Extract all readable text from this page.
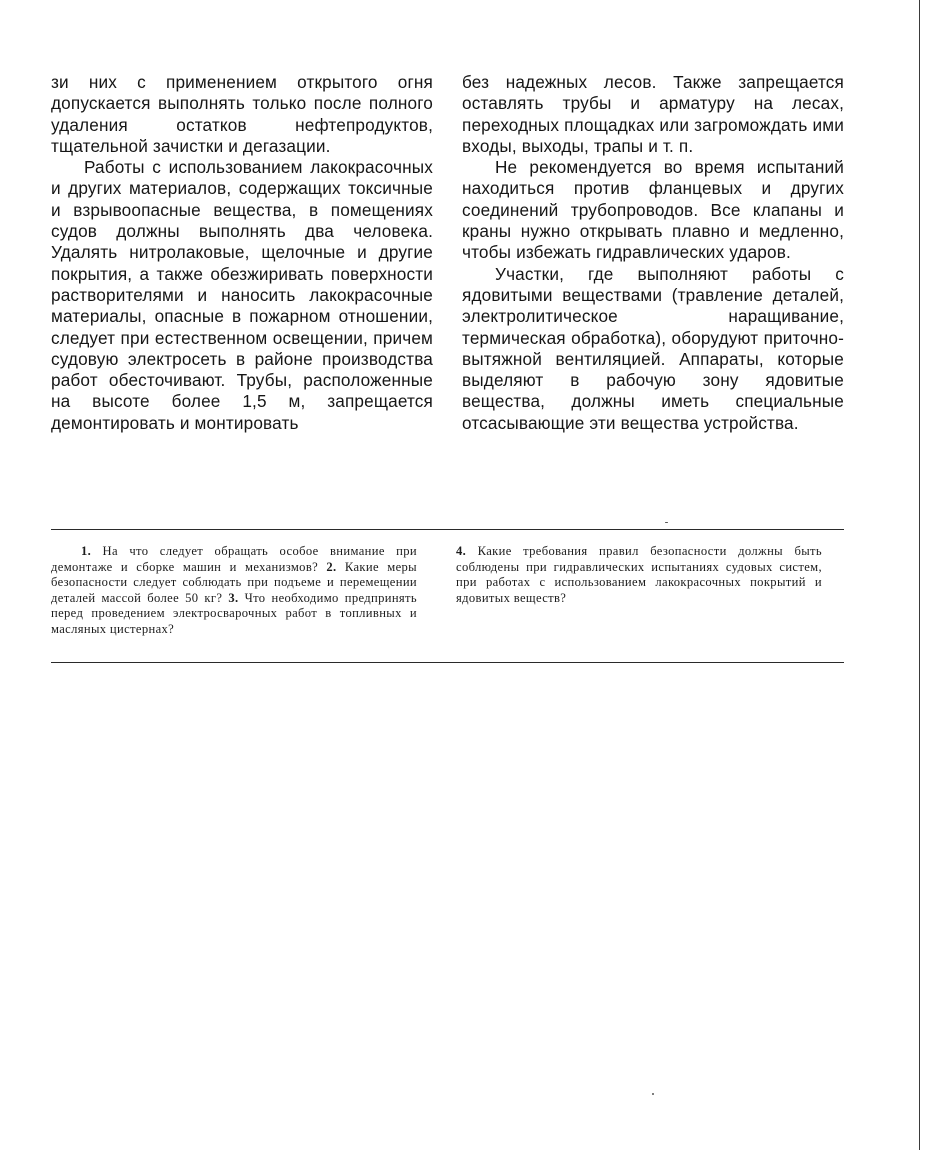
зи них с применением открытого огня допускается выполнять только после полного удаления остатков нефтепродуктов, тщательной зачистки и дегазации.

Работы с использованием лакокрасочных и других материалов, содержащих токсичные и взрывоопасные вещества, в помещениях судов должны выполнять два человека. Удалять нитролаковые, щелочные и другие покрытия, а также обезжиривать поверхности растворителями и наносить лакокрасочные материалы, опасные в пожарном отношении, следует при естественном освещении, причем судовую электросеть в районе производства работ обесточивают. Трубы, расположенные на высоте более 1,5 м, запрещается демонтировать и монтировать

без надежных лесов. Также запрещается оставлять трубы и арматуру на лесах, переходных площадках или загромождать ими входы, выходы, трапы и т. п.

Не рекомендуется во время испытаний находиться против фланцевых и других соединений трубопроводов. Все клапаны и краны нужно открывать плавно и медленно, чтобы избежать гидравлических ударов.

Участки, где выполняют работы с ядовитыми веществами (травление деталей, электролитическое наращивание, термическая обработка), оборудуют приточно-вытяжной вентиляцией. Аппараты, которые выделяют в рабочую зону ядовитые вещества, должны иметь специальные отсасывающие эти вещества устройства.

1. На что следует обращать особое внимание при демонтаже и сборке машин и механизмов? 2. Какие меры безопасности следует соблюдать при подъеме и перемещении деталей массой более 50 кг? 3. Что необходимо предпринять перед проведением электросварочных работ в топливных и масляных цистернах?

4. Какие требования правил безопасности должны быть соблюдены при гидравлических испытаниях судовых систем, при работах с использованием лакокрасочных покрытий и ядовитых веществ?
